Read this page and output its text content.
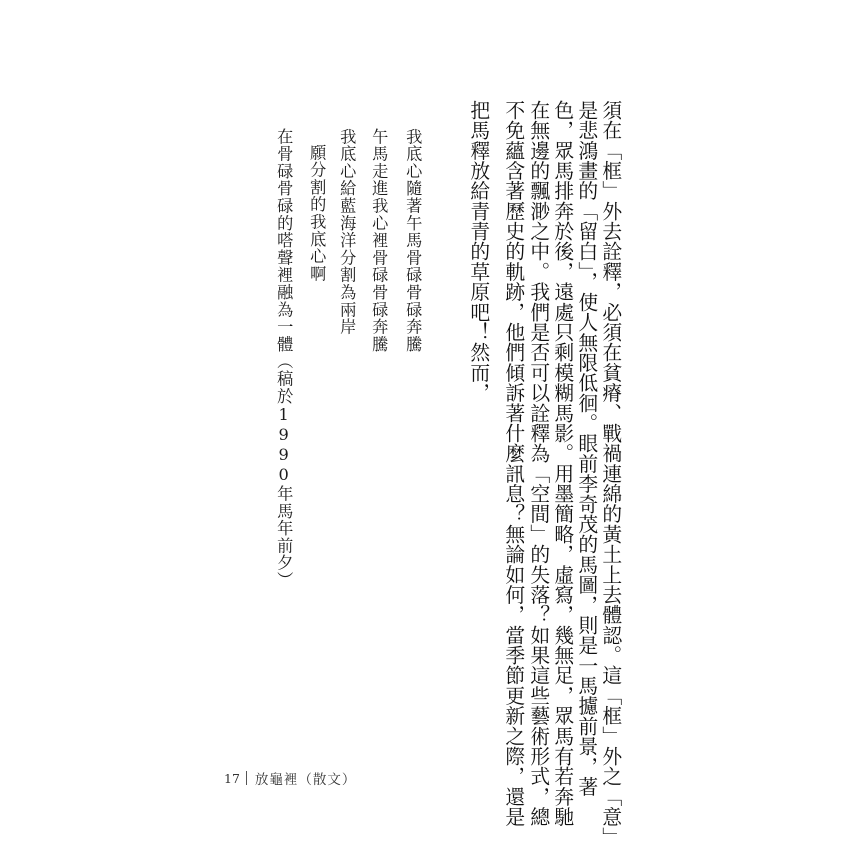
須在「框」外去詮釋，必須在貧瘠、戰禍連綿的黃土上去體認。這「框」外之「意」
是悲鴻畫的「留白」，使人無限低徊。眼前李奇茂的馬圖，則是一馬攄前景，著
色，眾馬排奔於後，遠處只剩模糊馬影。用墨簡略，虛寫，幾無足，眾馬有若奔馳
在無邊的飄渺之中。我們是否可以詮釋為「空間」的失落？如果這些藝術形式，總
不免蘊含著歷史的軌跡，他們傾訴著什麼訊息？無論如何，當季節更新之際，還是
把馬釋放給青青的草原吧！然而，
我底心隨著午馬骨碌骨碌奔騰
午馬走進我心裡骨碌骨碌奔騰
我底心給藍海洋分割為兩岸
願分割的我底心啊
在骨碌骨碌的嗒聲裡融為一體（稿於1990年馬年前夕）
17 放龜裡（散文）
